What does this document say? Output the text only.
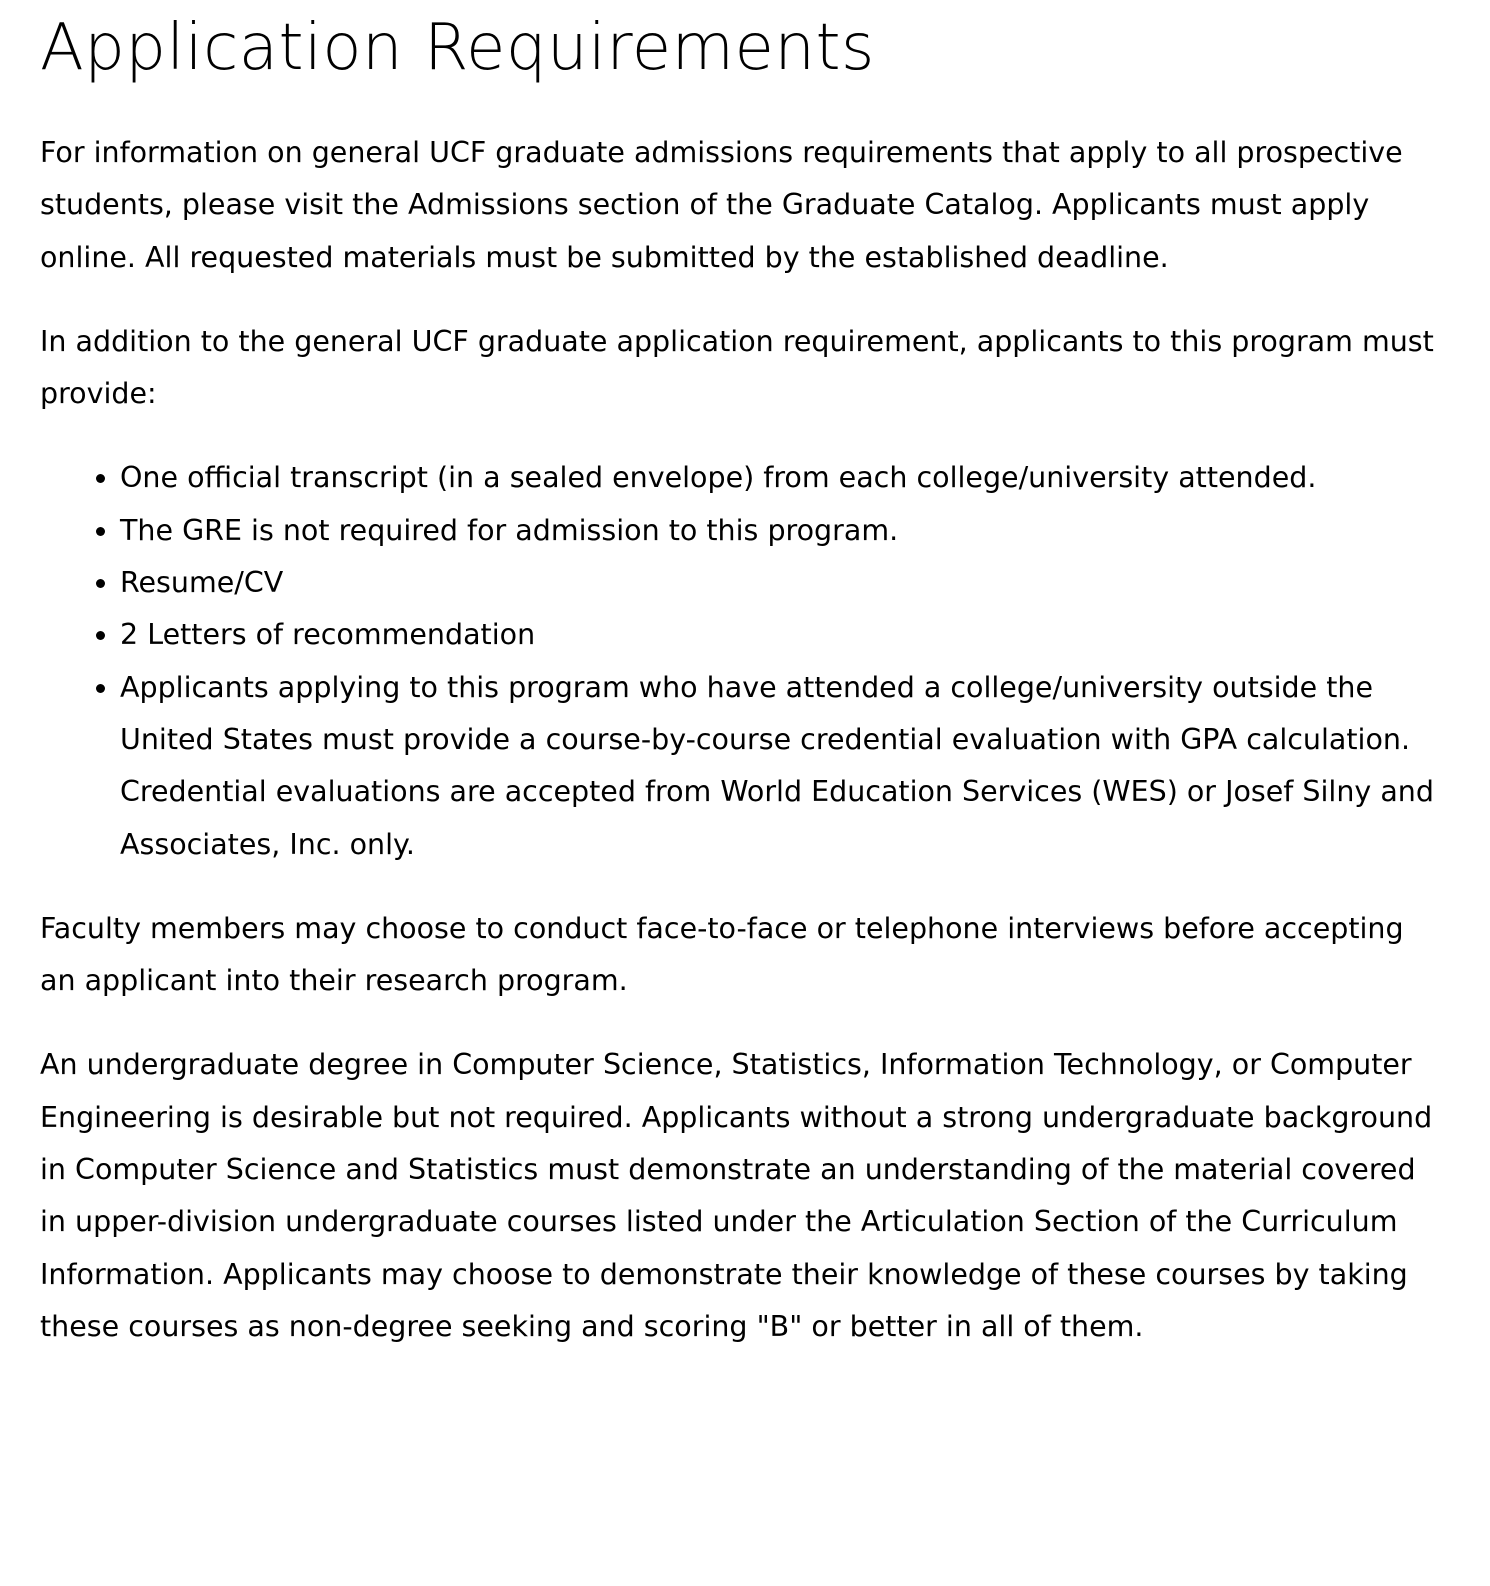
Application Requirements

For information on general UCF graduate admissions requirements that apply to all prospective students, please visit the Admissions section of the Graduate Catalog. Applicants must apply online. All requested materials must be submitted by the established deadline.

In addition to the general UCF graduate application requirement, applicants to this program must provide:

• One official transcript (in a sealed envelope) from each college/university attended.
• The GRE is not required for admission to this program.
• Resume/CV
• 2 Letters of recommendation
• Applicants applying to this program who have attended a college/university outside the United States must provide a course-by-course credential evaluation with GPA calculation. Credential evaluations are accepted from World Education Services (WES) or Josef Silny and Associates, Inc. only.

Faculty members may choose to conduct face-to-face or telephone interviews before accepting an applicant into their research program.

An undergraduate degree in Computer Science, Statistics, Information Technology, or Computer Engineering is desirable but not required. Applicants without a strong undergraduate background in Computer Science and Statistics must demonstrate an understanding of the material covered in upper-division undergraduate courses listed under the Articulation Section of the Curriculum Information. Applicants may choose to demonstrate their knowledge of these courses by taking these courses as non-degree seeking and scoring "B" or better in all of them.
